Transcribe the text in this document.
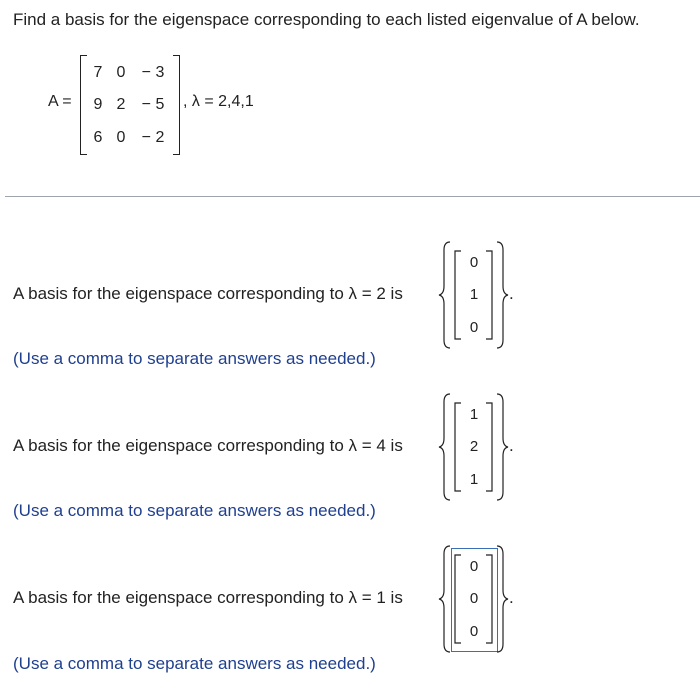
Find a basis for the eigenspace corresponding to each listed eigenvalue of A below.
A =
7 0	− 3
9 2	− 5
6 0	− 2
, λ = 2,4,1
A basis for the eigenspace corresponding to λ = 2 is
0
1
0
.
(Use a comma to separate answers as needed.)
A basis for the eigenspace corresponding to λ = 4 is
1
2
1
.
(Use a comma to separate answers as needed.)
A basis for the eigenspace corresponding to λ = 1 is
0
0
0
.
(Use a comma to separate answers as needed.)
